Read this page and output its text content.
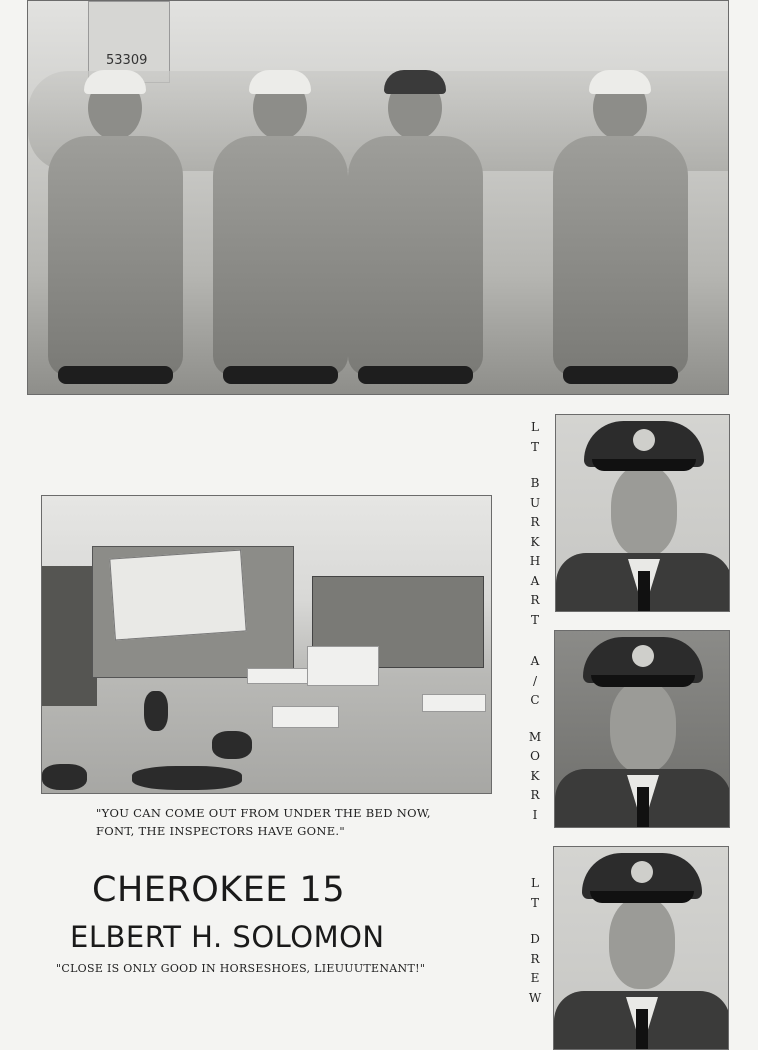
53309
"YOU CAN COME OUT FROM UNDER THE BED NOW,
FONT, THE INSPECTORS HAVE GONE."
L
T
B
U
R
K
H
A
R
T
A
/
C
M
O
K
R
I
L
T
D
R
E
W
CHEROKEE 15
ELBERT H. SOLOMON
"CLOSE IS ONLY GOOD IN HORSESHOES, LIEUUUTENANT!"
